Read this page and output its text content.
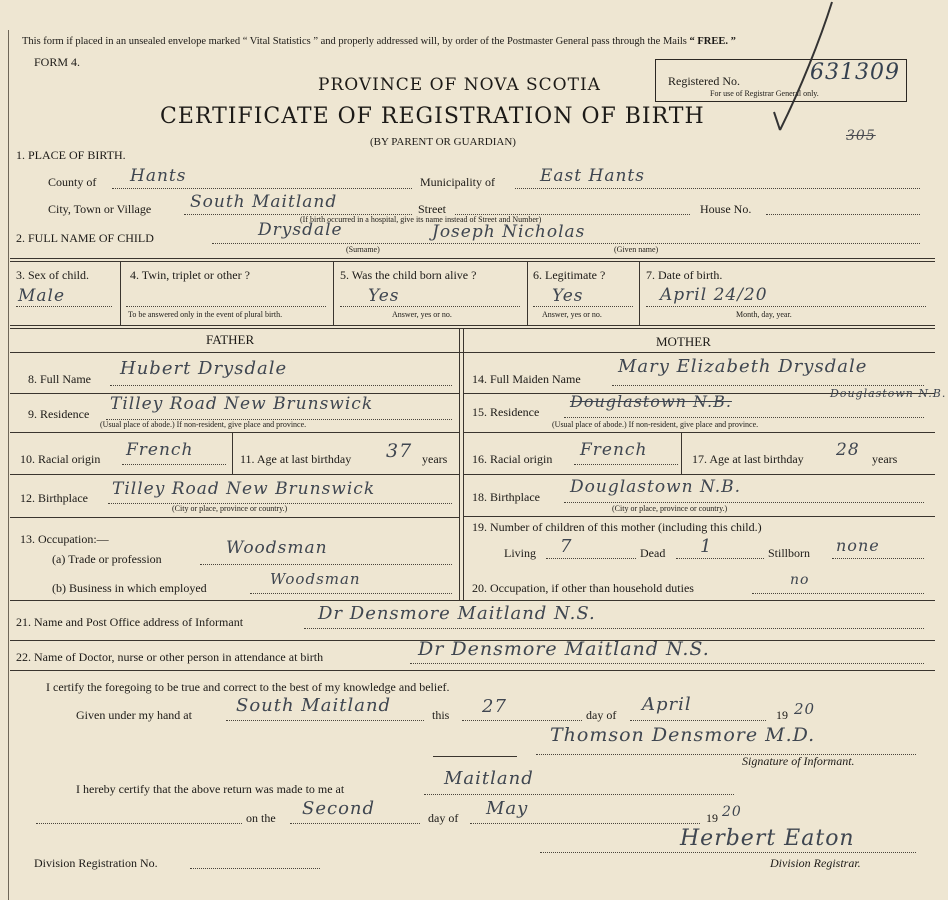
This form if placed in an unsealed envelope marked “ Vital Statistics ” and properly addressed will, by order of the Postmaster General pass through the Mails “ FREE. ”
FORM 4.
PROVINCE OF NOVA SCOTIA
CERTIFICATE OF REGISTRATION OF BIRTH
(BY PARENT OR GUARDIAN)
Registered No.	631309
For use of Registrar General only.
305
1. PLACE OF BIRTH.
County of Hants	Municipality of	East Hants
City, Town or Village South Maitland	Street	House No.
(If birth occurred in a hospital, give its name instead of Street and Number)
2. FULL NAME OF CHILD	Drysdale	Joseph Nicholas
(Surname)	(Given name)
3. Sex of child.
Male
4. Twin, triplet or other ?
To be answered only in the event of plural birth.
5. Was the child born alive ?
Yes
Answer, yes or no.
6. Legitimate ?
Yes
Answer, yes or no.
7. Date of birth.
April 24/20
Month, day, year.
FATHER	MOTHER
8. Full Name Hubert Drysdale
9. Residence Tilley Road New Brunswick
(Usual place of abode.) If non-resident, give place and province.
10. Racial origin French	11. Age at last birthday 37 years
12. Birthplace Tilley Road New Brunswick
(City or place, province or country.)
13. Occupation:—
(a) Trade or profession
Woodsman
(b) Business in which employed	Woodsman
14. Full Maiden Name
Mary Elizabeth Drysdale
15. Residence
Douglastown N.B.	Douglastown N.B.
(Usual place of abode.) If non-resident, give place and province.
16. Racial origin French	17. Age at last birthday 28 years
18. Birthplace Douglastown N.B.
(City or place, province or country.)
19. Number of children of this mother (including this child.)
Living 7	Dead 1	Stillborn none
20. Occupation, if other than household duties	no
21. Name and Post Office address of Informant	Dr Densmore Maitland N.S.
22. Name of Doctor, nurse or other person in attendance at birth	Dr Densmore Maitland N.S.
I certify the foregoing to be true and correct to the best of my knowledge and belief.
Given under my hand at South Maitland	this 27	day of April	19 20
Thomson Densmore M.D.
Signature of Informant.
I hereby certify that the above return was made to me at	Maitland
on the Second	day of May	19 20
Herbert Eaton
Division Registration No.	Division Registrar.
